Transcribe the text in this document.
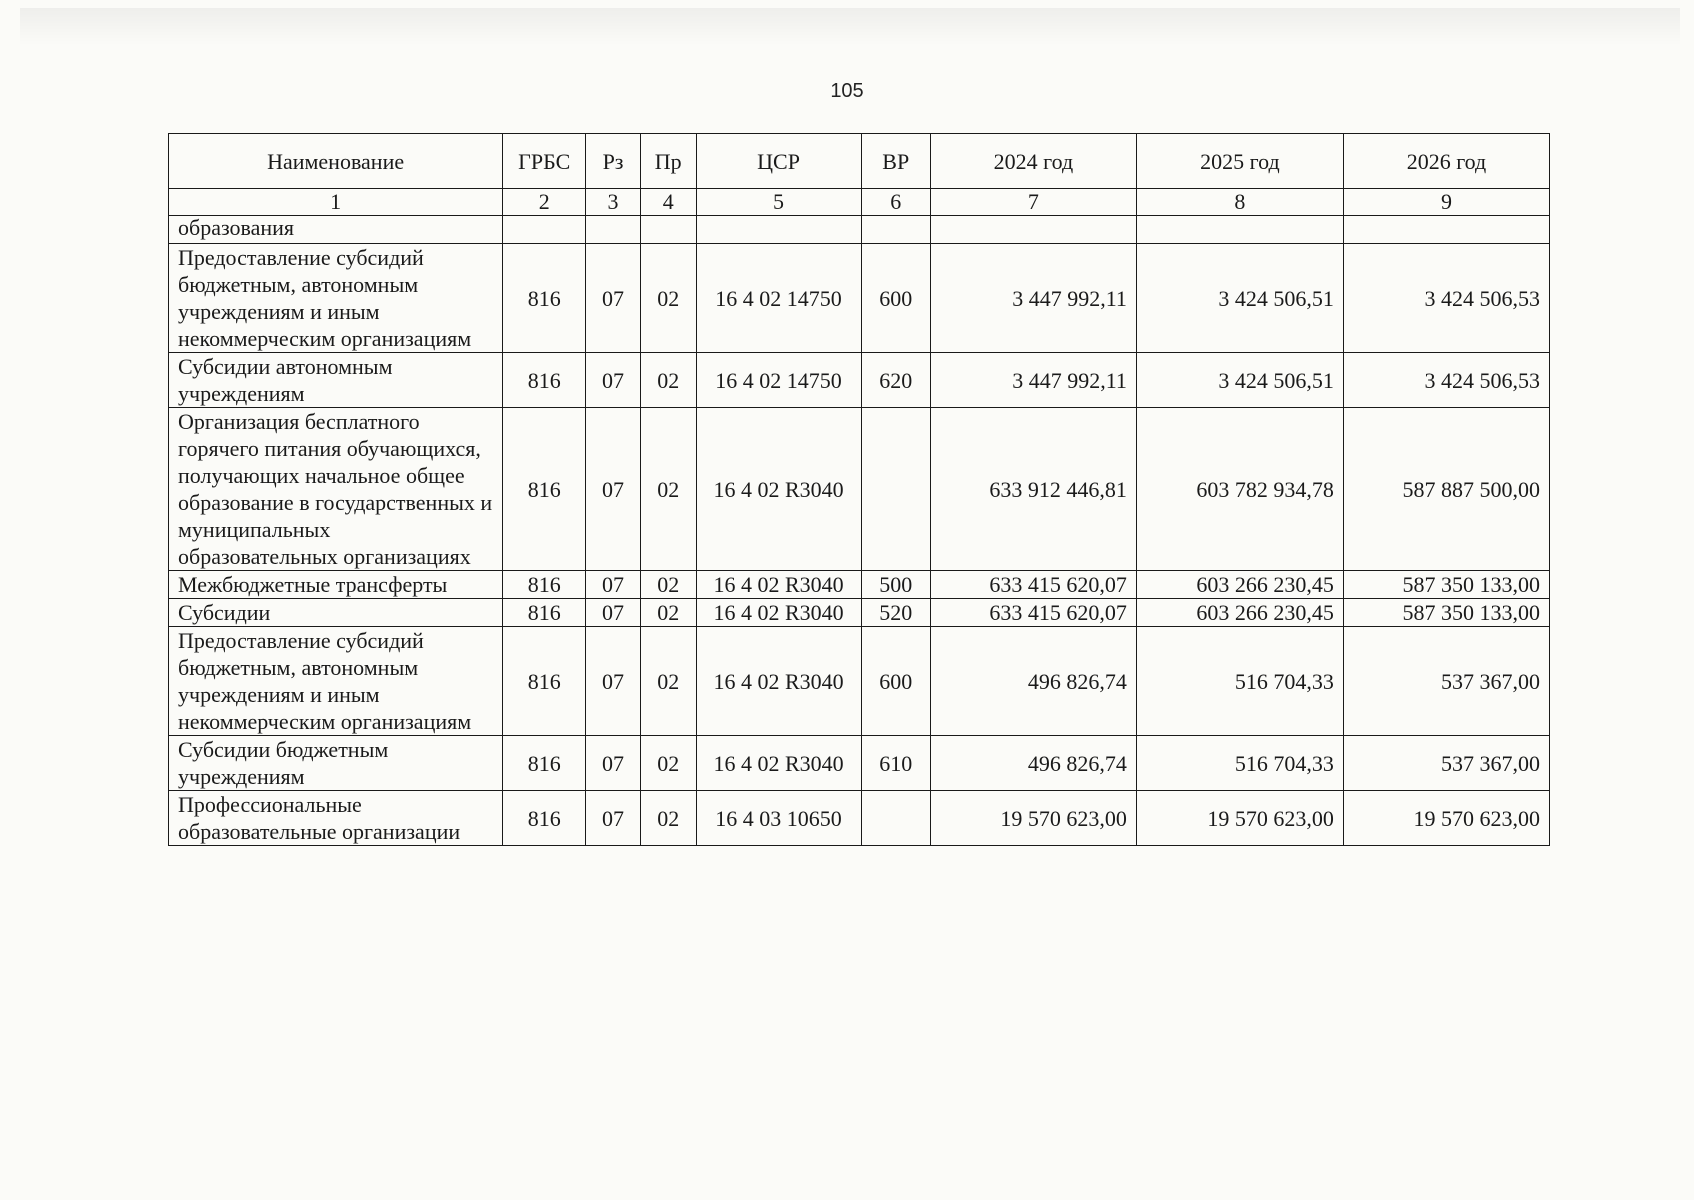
105
Наименование	ГРБС	Рз	Пр	ЦСР	ВР	2024 год	2025 год	2026 год
1	2	3	4	5	6	7	8	9
образования								
Предоставление субсидий бюджетным, автономным учреждениям и иным некоммерческим организациям	816	07	02	16 4 02 14750	600	3 447 992,11	3 424 506,51	3 424 506,53
Субсидии автономным учреждениям	816	07	02	16 4 02 14750	620	3 447 992,11	3 424 506,51	3 424 506,53
Организация бесплатного горячего питания обучающихся, получающих начальное общее образование в государственных и муниципальных образовательных организациях	816	07	02	16 4 02 R3040		633 912 446,81	603 782 934,78	587 887 500,00
Межбюджетные трансферты	816	07	02	16 4 02 R3040	500	633 415 620,07	603 266 230,45	587 350 133,00
Субсидии	816	07	02	16 4 02 R3040	520	633 415 620,07	603 266 230,45	587 350 133,00
Предоставление субсидий бюджетным, автономным учреждениям и иным некоммерческим организациям	816	07	02	16 4 02 R3040	600	496 826,74	516 704,33	537 367,00
Субсидии бюджетным учреждениям	816	07	02	16 4 02 R3040	610	496 826,74	516 704,33	537 367,00
Профессиональные образовательные организации	816	07	02	16 4 03 10650		19 570 623,00	19 570 623,00	19 570 623,00
